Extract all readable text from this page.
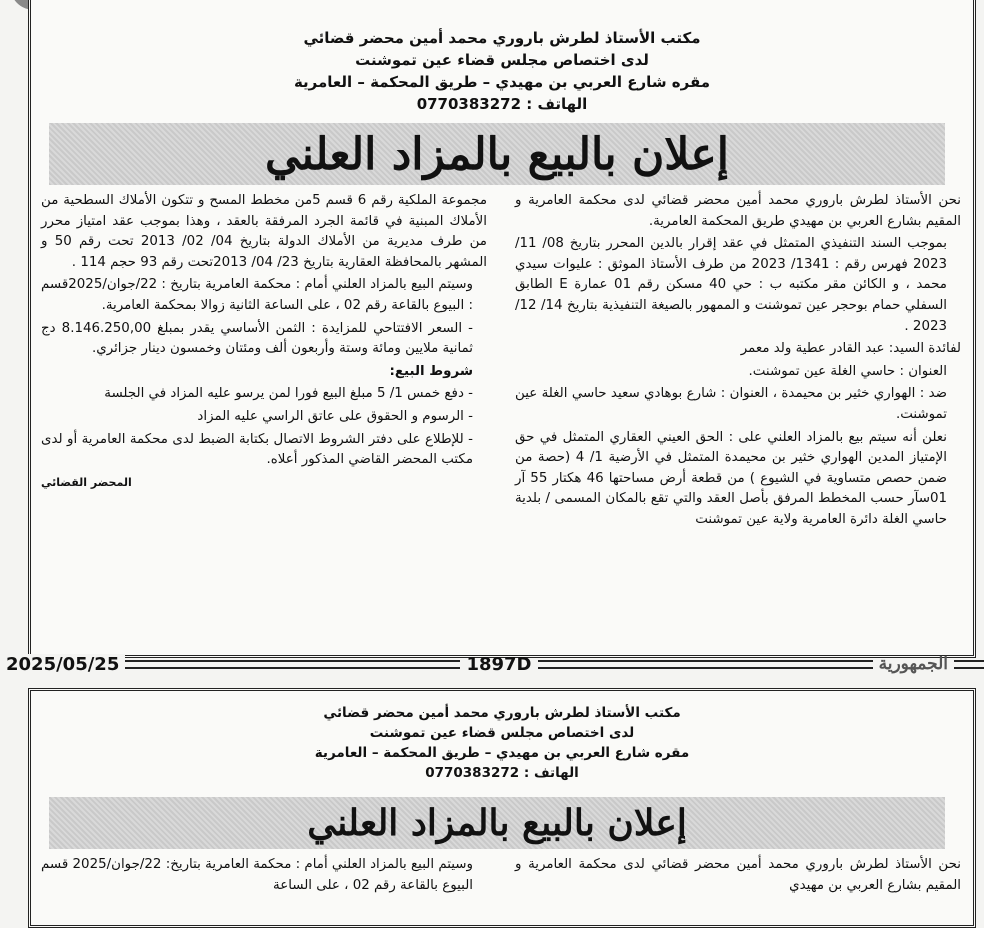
مكتب الأستاذ لطرش باروري محمد أمين محضر قضائي
لدى اختصاص مجلس قضاء عين تموشنت
مقره شارع العربي بن مهيدي – طريق المحكمة – العامرية
الهاتف : 0770383272
إعلان بالبيع بالمزاد العلني

نحن الأستاذ لطرش باروري محمد أمين محضر قضائي لدى محكمة العامرية و المقيم بشارع العربي بن مهيدي طريق المحكمة العامرية.

بموجب السند التنفيذي المتمثل في عقد إقرار بالدين المحرر بتاريخ 08/ 11/ 2023 فهرس رقم : 1341/ 2023 من طرف الأستاذ الموثق : عليوات سيدي محمد ، و الكائن مقر مكتبه ب : حي 40 مسكن رقم 01 عمارة E الطابق السفلي حمام بوحجر عين تموشنت و الممهور بالصيغة التنفيذية بتاريخ 14/ 12/ 2023 .

لفائدة السيد: عبد القادر عطية ولد معمر

العنوان : حاسي الغلة عين تموشنت.

ضد : الهواري خثير بن محيمدة ، العنوان : شارع بوهادي سعيد حاسي الغلة عين تموشنت.

نعلن أنه سيتم بيع بالمزاد العلني على : الحق العيني العقاري المتمثل في حق الإمتياز المدين الهواري خثير بن محيمدة المتمثل في الأرضية 1/ 4 (حصة من ضمن حصص متساوية في الشيوع ) من قطعة أرض مساحتها 46 هكتار 55 آر 01سآر حسب المخطط المرفق بأصل العقد والتي تقع بالمكان المسمى / بلدية حاسي الغلة دائرة العامرية ولاية عين تموشنت

مجموعة الملكية رقم 6 قسم 5من مخطط المسح و تتكون الأملاك السطحية من الأملاك المبنية في قائمة الجرد المرفقة بالعقد ، وهذا بموجب عقد امتياز محرر من طرف مديرية من الأملاك الدولة بتاريخ 04/ 02/ 2013 تحت رقم 50 و المشهر بالمحافظة العقارية بتاريخ 23/ 04/ 2013تحت رقم 93 حجم 114 .

وسيتم البيع بالمزاد العلني أمام : محكمة العامرية بتاريخ : 22/جوان/2025قسم : البيوع بالقاعة رقم 02 ، على الساعة الثانية زوالا بمحكمة العامرية.

- السعر الافتتاحي للمزايدة : الثمن الأساسي يقدر بمبلغ 8.146.250,00 دج ثمانية ملايين ومائة وستة وأربعون ألف ومئتان وخمسون دينار جزائري.

شروط البيع:

- دفع خمس 1/ 5 مبلغ البيع فورا لمن يرسو عليه المزاد في الجلسة

- الرسوم و الحقوق على عاتق الراسي عليه المزاد

- للإطلاع على دفتر الشروط الاتصال بكتابة الضبط لدى محكمة العامرية أو لدى مكتب المحضر القاضي المذكور أعلاه.

المحضر القضائي
2025/05/25	1897D	الجمهورية
مكتب الأستاذ لطرش باروري محمد أمين محضر قضائي
لدى اختصاص مجلس قضاء عين تموشنت
مقره شارع العربي بن مهيدي – طريق المحكمة – العامرية
الهاتف : 0770383272
إعلان بالبيع بالمزاد العلني

نحن الأستاذ لطرش باروري محمد أمين محضر قضائي لدى محكمة العامرية و المقيم بشارع العربي بن مهيدي

وسيتم البيع بالمزاد العلني أمام : محكمة العامرية بتاريخ: 22/جوان/2025 قسم البيوع بالقاعة رقم 02 ، على الساعة
